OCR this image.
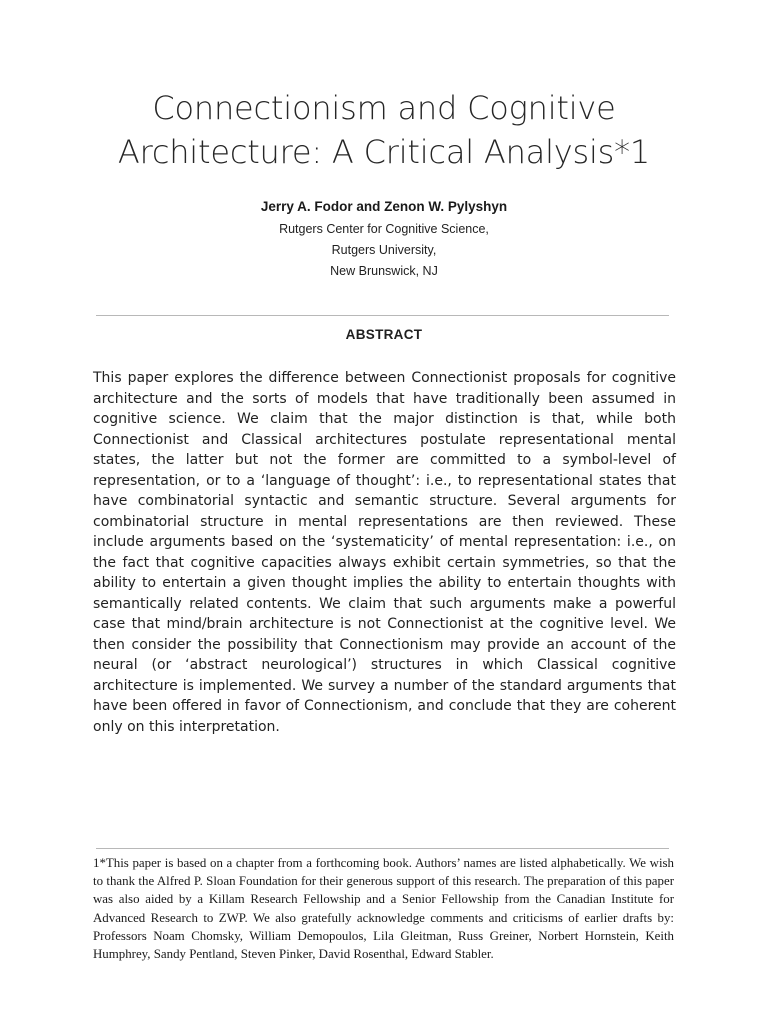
Connectionism and Cognitive
Architecture: A Critical Analysis*1
Jerry A. Fodor and Zenon W. Pylyshyn
Rutgers Center for Cognitive Science,
Rutgers University,
New Brunswick, NJ
ABSTRACT

This paper explores the difference between Connectionist proposals for cognitive architecture and the sorts of models that have traditionally been assumed in cognitive science. We claim that the major distinction is that, while both Connectionist and Classical architectures postulate representational mental states, the latter but not the former are committed to a symbol-level of representation, or to a ‘language of thought’: i.e., to representational states that have combinatorial syntactic and semantic structure. Several arguments for combinatorial structure in mental representations are then reviewed. These include arguments based on the ‘systematicity’ of mental representation: i.e., on the fact that cognitive capacities always exhibit certain symmetries, so that the ability to entertain a given thought implies the ability to entertain thoughts with semantically related contents. We claim that such arguments make a powerful case that mind/brain architecture is not Connectionist at the cognitive level. We then consider the possibility that Connectionism may provide an account of the neural (or ‘abstract neurological’) structures in which Classical cognitive architecture is implemented. We survey a number of the standard arguments that have been offered in favor of Connectionism, and conclude that they are coherent only on this interpretation.

1*This paper is based on a chapter from a forthcoming book. Authors’ names are listed alphabetically. We wish to thank the Alfred P. Sloan Foundation for their generous support of this research. The preparation of this paper was also aided by a Killam Research Fellowship and a Senior Fellowship from the Canadian Institute for Advanced Research to ZWP. We also gratefully acknowledge comments and criticisms of earlier drafts by: Professors Noam Chomsky, William Demopoulos, Lila Gleitman, Russ Greiner, Norbert Hornstein, Keith Humphrey, Sandy Pentland, Steven Pinker, David Rosenthal, Edward Stabler.
